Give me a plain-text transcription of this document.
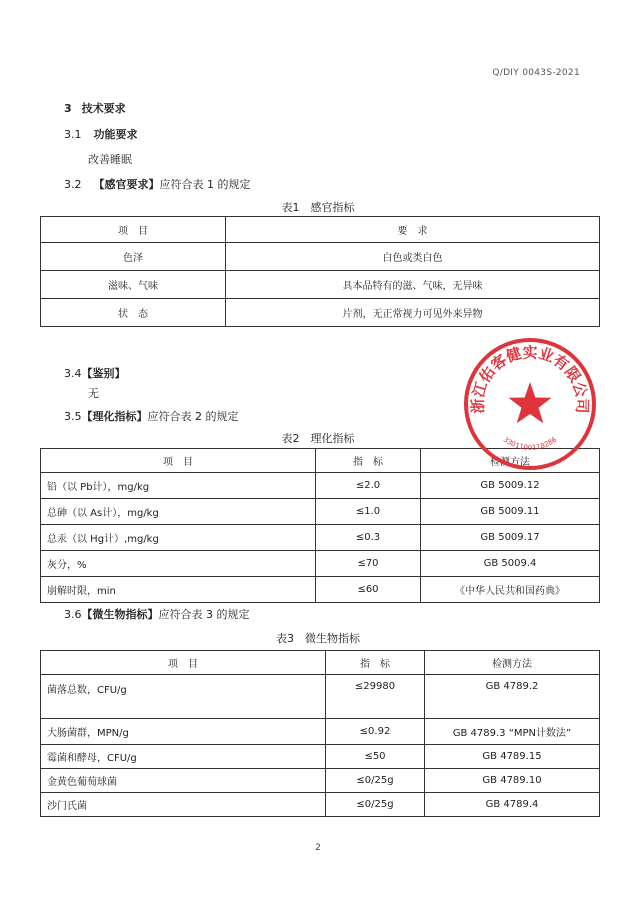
Q/DIY 0043S-2021
3 技术要求
3.1 功能要求
改善睡眠
3.2 【感官要求】应符合表 1 的规定
表1　感官指标
项　目	要　求
色泽	白色或类白色
滋味、气味	具本品特有的滋、气味，无异味
状　态	片剂，无正常视力可见外来异物
3.4【鉴别】
无
3.5【理化指标】应符合表 2 的规定
表2　理化指标
项　目	指　标	检测方法
铅（以 Pb计），mg/kg	≤2.0	GB 5009.12
总砷（以 As计），mg/kg	≤1.0	GB 5009.11
总汞（以 Hg计）,mg/kg	≤0.3	GB 5009.17
灰分，%	≤70	GB 5009.4
崩解时限，min	≤60	《中华人民共和国药典》
3.6【微生物指标】应符合表 3 的规定
表3　微生物指标
项　目	指　标	检测方法
菌落总数，CFU/g	≤29980	GB 4789.2
大肠菌群，MPN/g	≤0.92	GB 4789.3 “MPN计数法”
霉菌和酵母，CFU/g	≤50	GB 4789.15
金黄色葡萄球菌	≤0/25g	GB 4789.10
沙门氏菌	≤0/25g	GB 4789.4
浙江佑客健实业有限公司
3301100118286
2
